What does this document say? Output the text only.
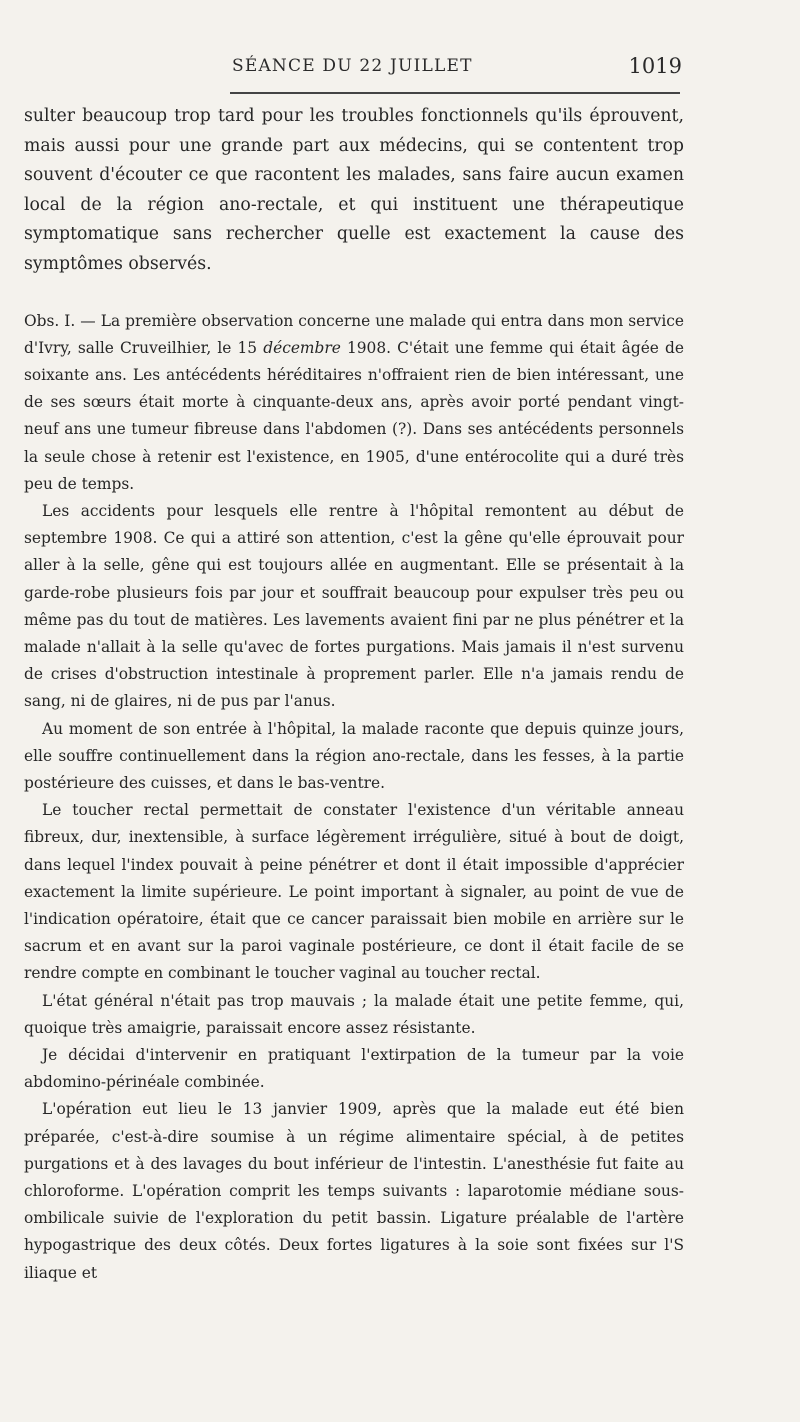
SÉANCE DU 22 JUILLET	1019

sulter beaucoup trop tard pour les troubles fonctionnels qu'ils éprouvent, mais aussi pour une grande part aux médecins, qui se contentent trop souvent d'écouter ce que racontent les malades, sans faire aucun examen local de la région ano-rectale, et qui instituent une thérapeutique symptomatique sans rechercher quelle est exactement la cause des symptômes observés.

Obs. I. — La première observation concerne une malade qui entra dans mon service d'Ivry, salle Cruveilhier, le 15 décembre 1908. C'était une femme qui était âgée de soixante ans. Les antécédents héréditaires n'offraient rien de bien intéressant, une de ses sœurs était morte à cinquante-deux ans, après avoir porté pendant vingt-neuf ans une tumeur fibreuse dans l'abdomen (?). Dans ses antécédents personnels la seule chose à retenir est l'existence, en 1905, d'une entérocolite qui a duré très peu de temps.

Les accidents pour lesquels elle rentre à l'hôpital remontent au début de septembre 1908. Ce qui a attiré son attention, c'est la gêne qu'elle éprouvait pour aller à la selle, gêne qui est toujours allée en augmentant. Elle se présentait à la garde-robe plusieurs fois par jour et souffrait beaucoup pour expulser très peu ou même pas du tout de matières. Les lavements avaient fini par ne plus pénétrer et la malade n'allait à la selle qu'avec de fortes purgations. Mais jamais il n'est survenu de crises d'obstruction intestinale à proprement parler. Elle n'a jamais rendu de sang, ni de glaires, ni de pus par l'anus.

Au moment de son entrée à l'hôpital, la malade raconte que depuis quinze jours, elle souffre continuellement dans la région ano-rectale, dans les fesses, à la partie postérieure des cuisses, et dans le bas-ventre.

Le toucher rectal permettait de constater l'existence d'un véritable anneau fibreux, dur, inextensible, à surface légèrement irrégulière, situé à bout de doigt, dans lequel l'index pouvait à peine pénétrer et dont il était impossible d'apprécier exactement la limite supérieure. Le point important à signaler, au point de vue de l'indication opératoire, était que ce cancer paraissait bien mobile en arrière sur le sacrum et en avant sur la paroi vaginale postérieure, ce dont il était facile de se rendre compte en combinant le toucher vaginal au toucher rectal.

L'état général n'était pas trop mauvais ; la malade était une petite femme, qui, quoique très amaigrie, paraissait encore assez résistante.

Je décidai d'intervenir en pratiquant l'extirpation de la tumeur par la voie abdomino-périnéale combinée.

L'opération eut lieu le 13 janvier 1909, après que la malade eut été bien préparée, c'est-à-dire soumise à un régime alimentaire spécial, à de petites purgations et à des lavages du bout inférieur de l'intestin. L'anesthésie fut faite au chloroforme. L'opération comprit les temps suivants : laparotomie médiane sous-ombilicale suivie de l'exploration du petit bassin. Ligature préalable de l'artère hypogastrique des deux côtés. Deux fortes ligatures à la soie sont fixées sur l'S iliaque et
